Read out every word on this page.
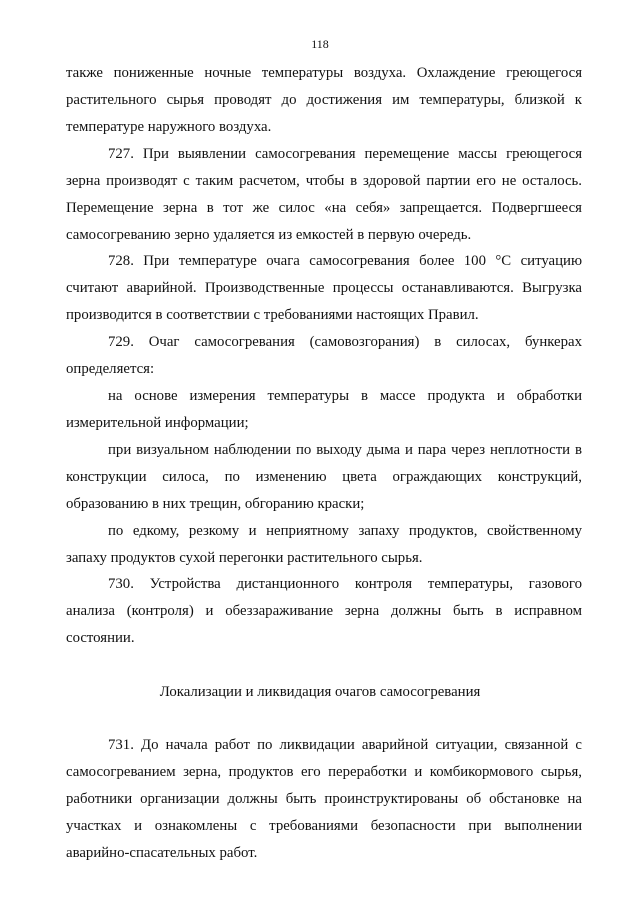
118
также пониженные ночные температуры воздуха. Охлаждение греющегося
растительного сырья проводят до достижения им температуры, близкой к
температуре наружного воздуха.
727. При выявлении самосогревания перемещение массы греющегося
зерна производят с таким расчетом, чтобы в здоровой партии его не осталось.
Перемещение зерна в тот же силос «на себя» запрещается. Подвергшееся
самосогреванию зерно удаляется из емкостей в первую очередь.
728. При температуре очага самосогревания более 100 °С ситуацию
считают аварийной. Производственные процессы останавливаются. Выгрузка
производится в соответствии с требованиями настоящих Правил.
729. Очаг самосогревания (самовозгорания) в силосах, бункерах
определяется:
на основе измерения температуры в массе продукта и обработки
измерительной информации;
при визуальном наблюдении по выходу дыма и пара через неплотности в
конструкции силоса, по изменению цвета ограждающих конструкций,
образованию в них трещин, обгоранию краски;
по едкому, резкому и неприятному запаху продуктов, свойственному
запаху продуктов сухой перегонки растительного сырья.
730. Устройства дистанционного контроля температуры, газового
анализа (контроля) и обеззараживание зерна должны быть в исправном
состоянии.
Локализации и ликвидация очагов самосогревания
731. До начала работ по ликвидации аварийной ситуации, связанной с
самосогреванием зерна, продуктов его переработки и комбикормового сырья,
работники организации должны быть проинструктированы об обстановке на
участках и ознакомлены с требованиями безопасности при выполнении
аварийно-спасательных работ.
